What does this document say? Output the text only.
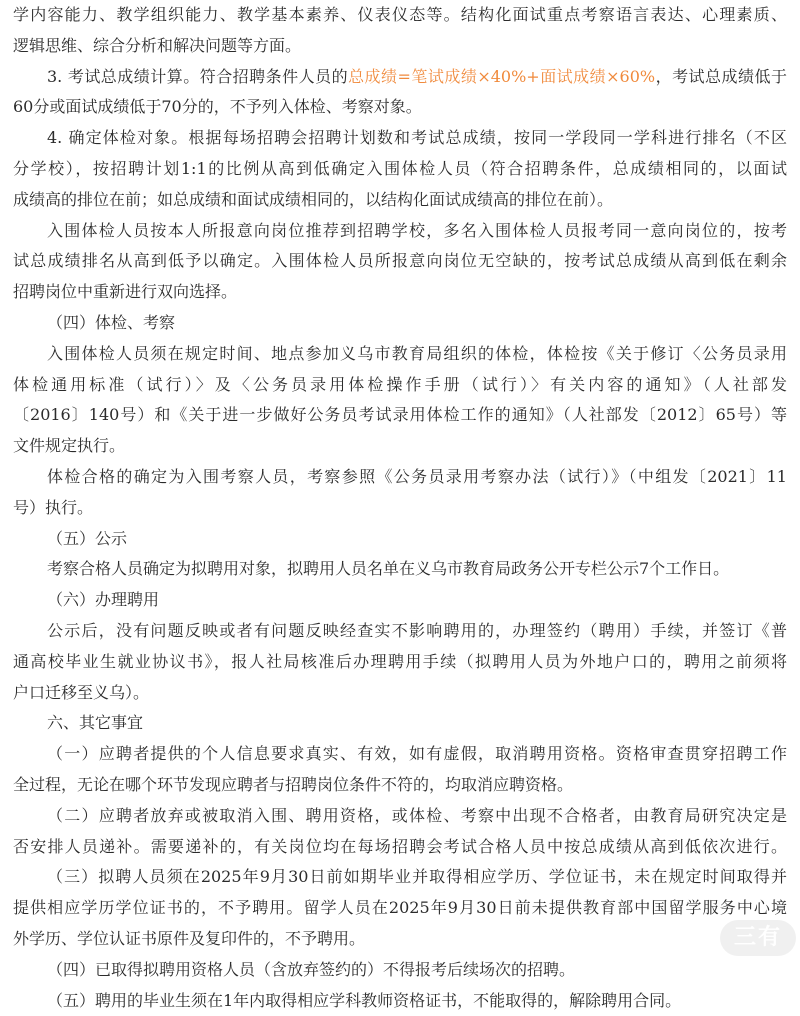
学内容能力、教学组织能力、教学基本素养、仪表仪态等。结构化面试重点考察语言表达、心理素质、
逻辑思维、综合分析和解决问题等方面。
3. 考试总成绩计算。符合招聘条件人员的总成绩=笔试成绩×40%+面试成绩×60%，考试总成绩低于
60分或面试成绩低于70分的，不予列入体检、考察对象。
4. 确定体检对象。根据每场招聘会招聘计划数和考试总成绩，按同一学段同一学科进行排名（不区
分学校），按招聘计划1:1的比例从高到低确定入围体检人员（符合招聘条件，总成绩相同的，以面试
成绩高的排位在前；如总成绩和面试成绩相同的，以结构化面试成绩高的排位在前）。
入围体检人员按本人所报意向岗位推荐到招聘学校，多名入围体检人员报考同一意向岗位的，按考
试总成绩排名从高到低予以确定。入围体检人员所报意向岗位无空缺的，按考试总成绩从高到低在剩余
招聘岗位中重新进行双向选择。
（四）体检、考察
入围体检人员须在规定时间、地点参加义乌市教育局组织的体检，体检按《关于修订〈公务员录用
体检通用标准（试行）〉及〈公务员录用体检操作手册（试行）〉有关内容的通知》（人社部发
〔2016〕140号）和《关于进一步做好公务员考试录用体检工作的通知》（人社部发〔2012〕65号）等
文件规定执行。
体检合格的确定为入围考察人员，考察参照《公务员录用考察办法（试行）》（中组发〔2021〕11
号）执行。
（五）公示
考察合格人员确定为拟聘用对象，拟聘用人员名单在义乌市教育局政务公开专栏公示7个工作日。
（六）办理聘用
公示后，没有问题反映或者有问题反映经查实不影响聘用的，办理签约（聘用）手续，并签订《普
通高校毕业生就业协议书》，报人社局核准后办理聘用手续（拟聘用人员为外地户口的，聘用之前须将
户口迁移至义乌）。
六、其它事宜
（一）应聘者提供的个人信息要求真实、有效，如有虚假，取消聘用资格。资格审查贯穿招聘工作
全过程，无论在哪个环节发现应聘者与招聘岗位条件不符的，均取消应聘资格。
（二）应聘者放弃或被取消入围、聘用资格，或体检、考察中出现不合格者，由教育局研究决定是
否安排人员递补。需要递补的，有关岗位均在每场招聘会考试合格人员中按总成绩从高到低依次进行。
（三）拟聘人员须在2025年9月30日前如期毕业并取得相应学历、学位证书，未在规定时间取得并
提供相应学历学位证书的，不予聘用。留学人员在2025年9月30日前未提供教育部中国留学服务中心境
外学历、学位认证书原件及复印件的，不予聘用。
（四）已取得拟聘用资格人员（含放弃签约的）不得报考后续场次的招聘。
（五）聘用的毕业生须在1年内取得相应学科教师资格证书，不能取得的，解除聘用合同。
三有
